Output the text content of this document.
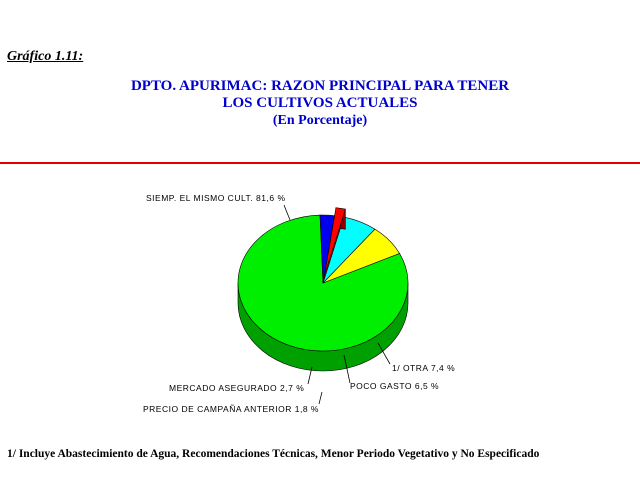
Gráfico 1.11:
DPTO. APURIMAC: RAZON PRINCIPAL PARA TENER
LOS CULTIVOS ACTUALES
(En Porcentaje)
SIEMP. EL MISMO CULT. 81,6 %
1/ OTRA 7,4 %
POCO GASTO 6,5 %
PRECIO DE CAMPAÑA ANTERIOR 1,8 %
MERCADO ASEGURADO 2,7 %
1/ Incluye Abastecimiento de Agua, Recomendaciones Técnicas, Menor Periodo Vegetativo y No Especificado
